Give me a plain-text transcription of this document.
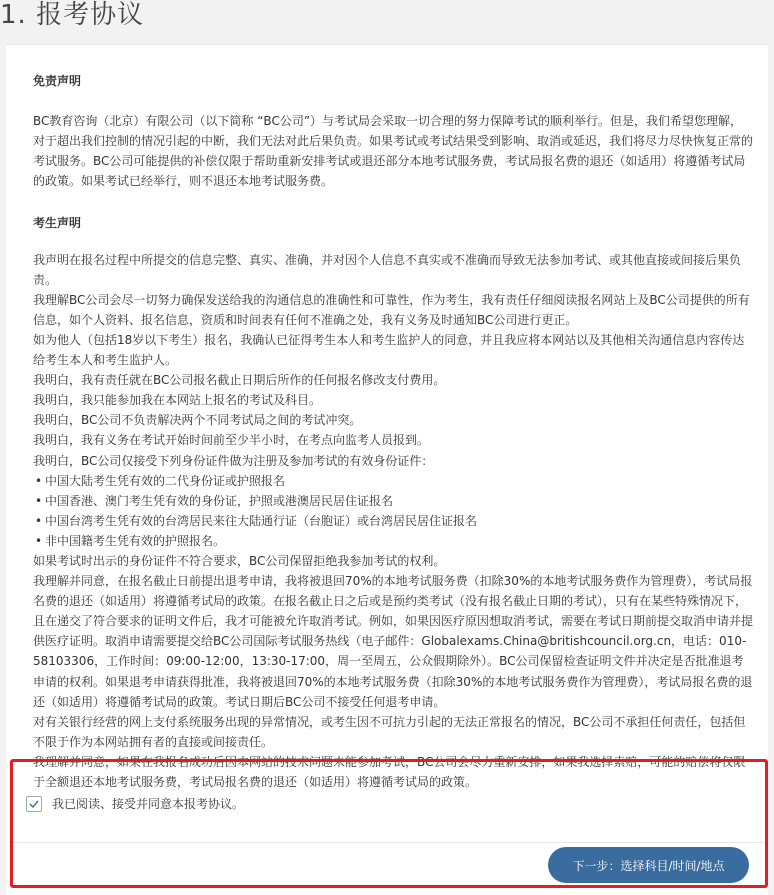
1. 报考协议

免责声明

BC教育咨询（北京）有限公司（以下简称 “BC公司”）与考试局会采取一切合理的努力保障考试的顺利举行。但是，我们希望您理解，对于超出我们控制的情况引起的中断，我们无法对此后果负责。如果考试或考试结果受到影响、取消或延迟，我们将尽力尽快恢复正常的考试服务。BC公司可能提供的补偿仅限于帮助重新安排考试或退还部分本地考试服务费，考试局报名费的退还（如适用）将遵循考试局的政策。如果考试已经举行，则不退还本地考试服务费。

考生声明

我声明在报名过程中所提交的信息完整、真实、准确，并对因个人信息不真实或不准确而导致无法参加考试、或其他直接或间接后果负责。

我理解BC公司会尽一切努力确保发送给我的沟通信息的准确性和可靠性，作为考生，我有责任仔细阅读报名网站上及BC公司提供的所有信息，如个人资料、报名信息，资质和时间表有任何不准确之处，我有义务及时通知BC公司进行更正。

如为他人（包括18岁以下考生）报名，我确认已征得考生本人和考生监护人的同意，并且我应将本网站以及其他相关沟通信息内容传达给考生本人和考生监护人。

我明白，我有责任就在BC公司报名截止日期后所作的任何报名修改支付费用。

我明白，我只能参加我在本网站上报名的考试及科目。

我明白，BC公司不负责解决两个不同考试局之间的考试冲突。

我明白，我有义务在考试开始时间前至少半小时，在考点向监考人员报到。

我明白，BC公司仅接受下列身份证件做为注册及参加考试的有效身份证件：

• 中国大陆考生凭有效的二代身份证或护照报名
• 中国香港、澳门考生凭有效的身份证，护照或港澳居民居住证报名
• 中国台湾考生凭有效的台湾居民来往大陆通行证（台胞证）或台湾居民居住证报名
• 非中国籍考生凭有效的护照报名。

如果考试时出示的身份证件不符合要求，BC公司保留拒绝我参加考试的权利。

我理解并同意，在报名截止日前提出退考申请，我将被退回70%的本地考试服务费（扣除30%的本地考试服务费作为管理费），考试局报名费的退还（如适用）将遵循考试局的政策。在报名截止日之后或是预约类考试（没有报名截止日期的考试），只有在某些特殊情况下，且在递交了符合要求的证明文件后，我才可能被允许取消考试。例如，如果因医疗原因想取消考试，需要在考试日期前提交取消申请并提供医疗证明。取消申请需要提交给BC公司国际考试服务热线（电子邮件：Globalexams.China@britishcouncil.org.cn，电话：010-58103306，工作时间：09:00-12:00，13:30-17:00，周一至周五，公众假期除外）。BC公司保留检查证明文件并决定是否批准退考申请的权利。如果退考申请获得批准，我将被退回70%的本地考试服务费（扣除30%的本地考试服务费作为管理费），考试局报名费的退还（如适用）将遵循考试局的政策。考试日期后BC公司不接受任何退考申请。

对有关银行经营的网上支付系统服务出现的异常情况，或考生因不可抗力引起的无法正常报名的情况，BC公司不承担任何责任，包括但不限于作为本网站拥有者的直接或间接责任。

我理解并同意，如果在我报名成功后因本网站的技术问题未能参加考试，BC公司会尽力重新安排，如果我选择索赔，可能的赔偿将仅限于全额退还本地考试服务费，考试局报名费的退还（如适用）将遵循考试局的政策。

我已阅读、接受并同意本报考协议。
下一步：选择科目/时间/地点
